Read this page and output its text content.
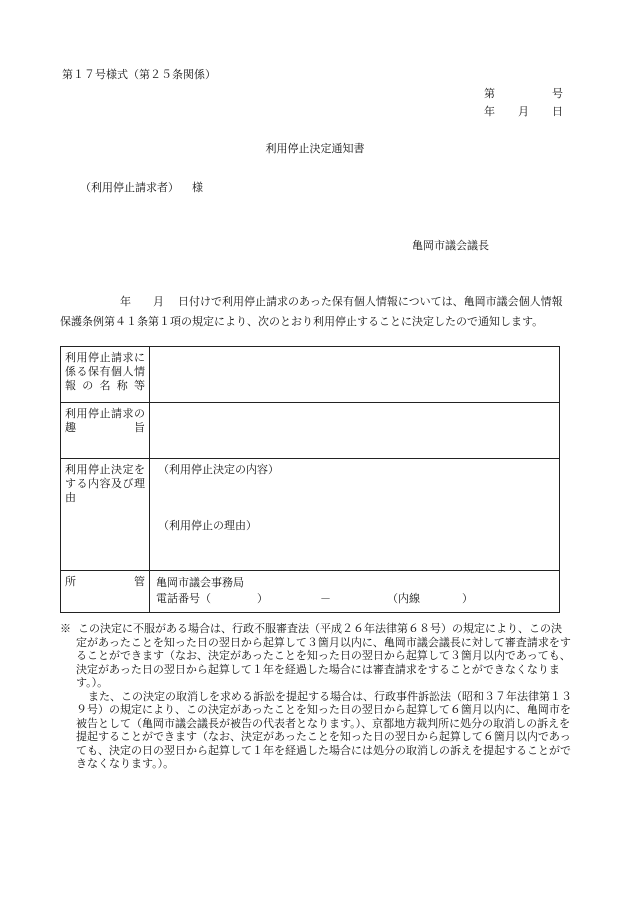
第１７号様式（第２５条関係）
第	号
年 月 日
利用停止決定通知書
（利用停止請求者） 様
亀岡市議会議長
年 月 日付けで利用停止請求のあった保有個人情報については、亀岡市議会個人情報保護条例第４１条第１項の規定により、次のとおり利用停止することに決定したので通知します。
利用停止請求に係る保有個人情報の名称等	

利用停止請求の趣旨	

利用停止決定をする内容及び理由	（利用停止決定の内容）
（利用停止の理由）

所管	亀岡市議会事務局
電話番号（ ） － （内線 ）

※ この決定に不服がある場合は、行政不服審査法（平成２６年法律第６８号）の規定により、この決定があったことを知った日の翌日から起算して３箇月以内に、亀岡市議会議長に対して審査請求をすることができます（なお、決定があったことを知った日の翌日から起算して３箇月以内であっても、決定があった日の翌日から起算して１年を経過した場合には審査請求をすることができなくなります。）。

また、この決定の取消しを求める訴訟を提起する場合は、行政事件訴訟法（昭和３７年法律第１３９号）の規定により、この決定があったことを知った日の翌日から起算して６箇月以内に、亀岡市を被告として（亀岡市議会議長が被告の代表者となります。）、京都地方裁判所に処分の取消しの訴えを提起することができます（なお、決定があったことを知った日の翌日から起算して６箇月以内であっても、決定の日の翌日から起算して１年を経過した場合には処分の取消しの訴えを提起することができなくなります。）。
